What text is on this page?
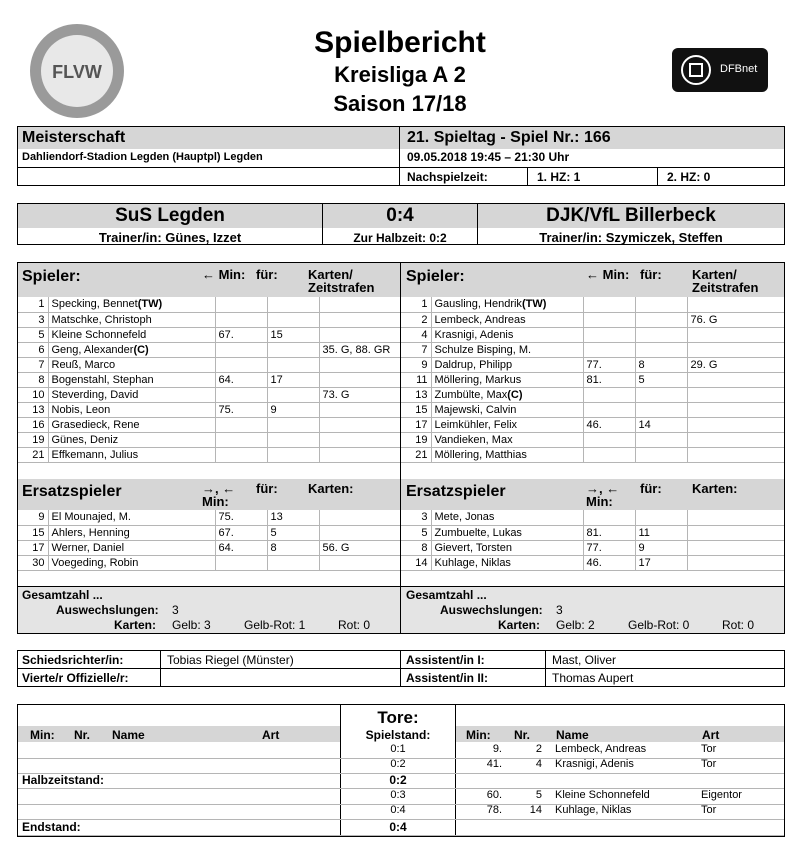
FLVW
Spielbericht
Kreisliga A 2
Saison 17/18
DFBnet
Meisterschaft
Dahliendorf-Stadion Legden (Hauptpl) Legden
21. Spieltag - Spiel Nr.: 166
09.05.2018 19:45 – 21:30 Uhr
Nachspielzeit:	1. HZ: 1	2. HZ: 0
SuS Legden	0:4	DJK/VfL Billerbeck
Trainer/in: Günes, Izzet	Zur Halbzeit: 0:2	Trainer/in: Szymiczek, Steffen
Spieler:	← Min: für: Karten/ Zeitstrafen
1	Specking, Bennet(TW)			
3	Matschke, Christoph			
5	Kleine Schonnefeld	67.	15	
6	Geng, Alexander(C)			35. G, 88. GR
7	Reuß, Marco			
8	Bogenstahl, Stephan	64.	17	
10	Steverding, David			73. G
13	Nobis, Leon	75.	9	
16	Grasedieck, Rene			
19	Günes, Deniz			
21	Effkemann, Julius			
Spieler:	← Min: für: Karten/ Zeitstrafen
1	Gausling, Hendrik(TW)			
2	Lembeck, Andreas			76. G
4	Krasnigi, Adenis			
7	Schulze Bisping, M.			
9	Daldrup, Philipp	77.	8	29. G
11	Möllering, Markus	81.	5	
13	Zumbülte, Max(C)			
15	Majewski, Calvin			
17	Leimkühler, Felix	46.	14	
19	Vandieken, Max			
21	Möllering, Matthias			
Ersatzspieler	→, ← Min:
für: Karten:
9	El Mounajed, M.	75.	13	
15	Ahlers, Henning	67.	5	
17	Werner, Daniel	64.	8	56. G
30	Voegeding, Robin			
Ersatzspieler	→, ← Min:
für: Karten:
3	Mete, Jonas			
5	Zumbuelte, Lukas	81.	11	
8	Gievert, Torsten	77.	9	
14	Kuhlage, Niklas	46.	17	
Gesamtzahl ...
Auswechslungen: 3
Karten: Gelb: 3	Gelb-Rot: 1	Rot: 0
Gesamtzahl ...
Auswechslungen: 3
Karten: Gelb: 2	Gelb-Rot: 0	Rot: 0
Schiedsrichter/in:	Tobias Riegel (Münster)
Vierte/r Offizielle/r:
Assistent/in I:	Mast, Oliver
Assistent/in II:	Thomas Aupert
Tore:
Min: Nr. Name	Art	Spielstand:	Min: Nr. Name	Art
0:1	9.	2 Lembeck, Andreas	Tor
0:2	41.	4 Krasnigi, Adenis	Tor
Halbzeitstand:	0:2
0:3	60.	5 Kleine Schonnefeld	Eigentor
0:4	78.	14 Kuhlage, Niklas	Tor
Endstand:	0:4
